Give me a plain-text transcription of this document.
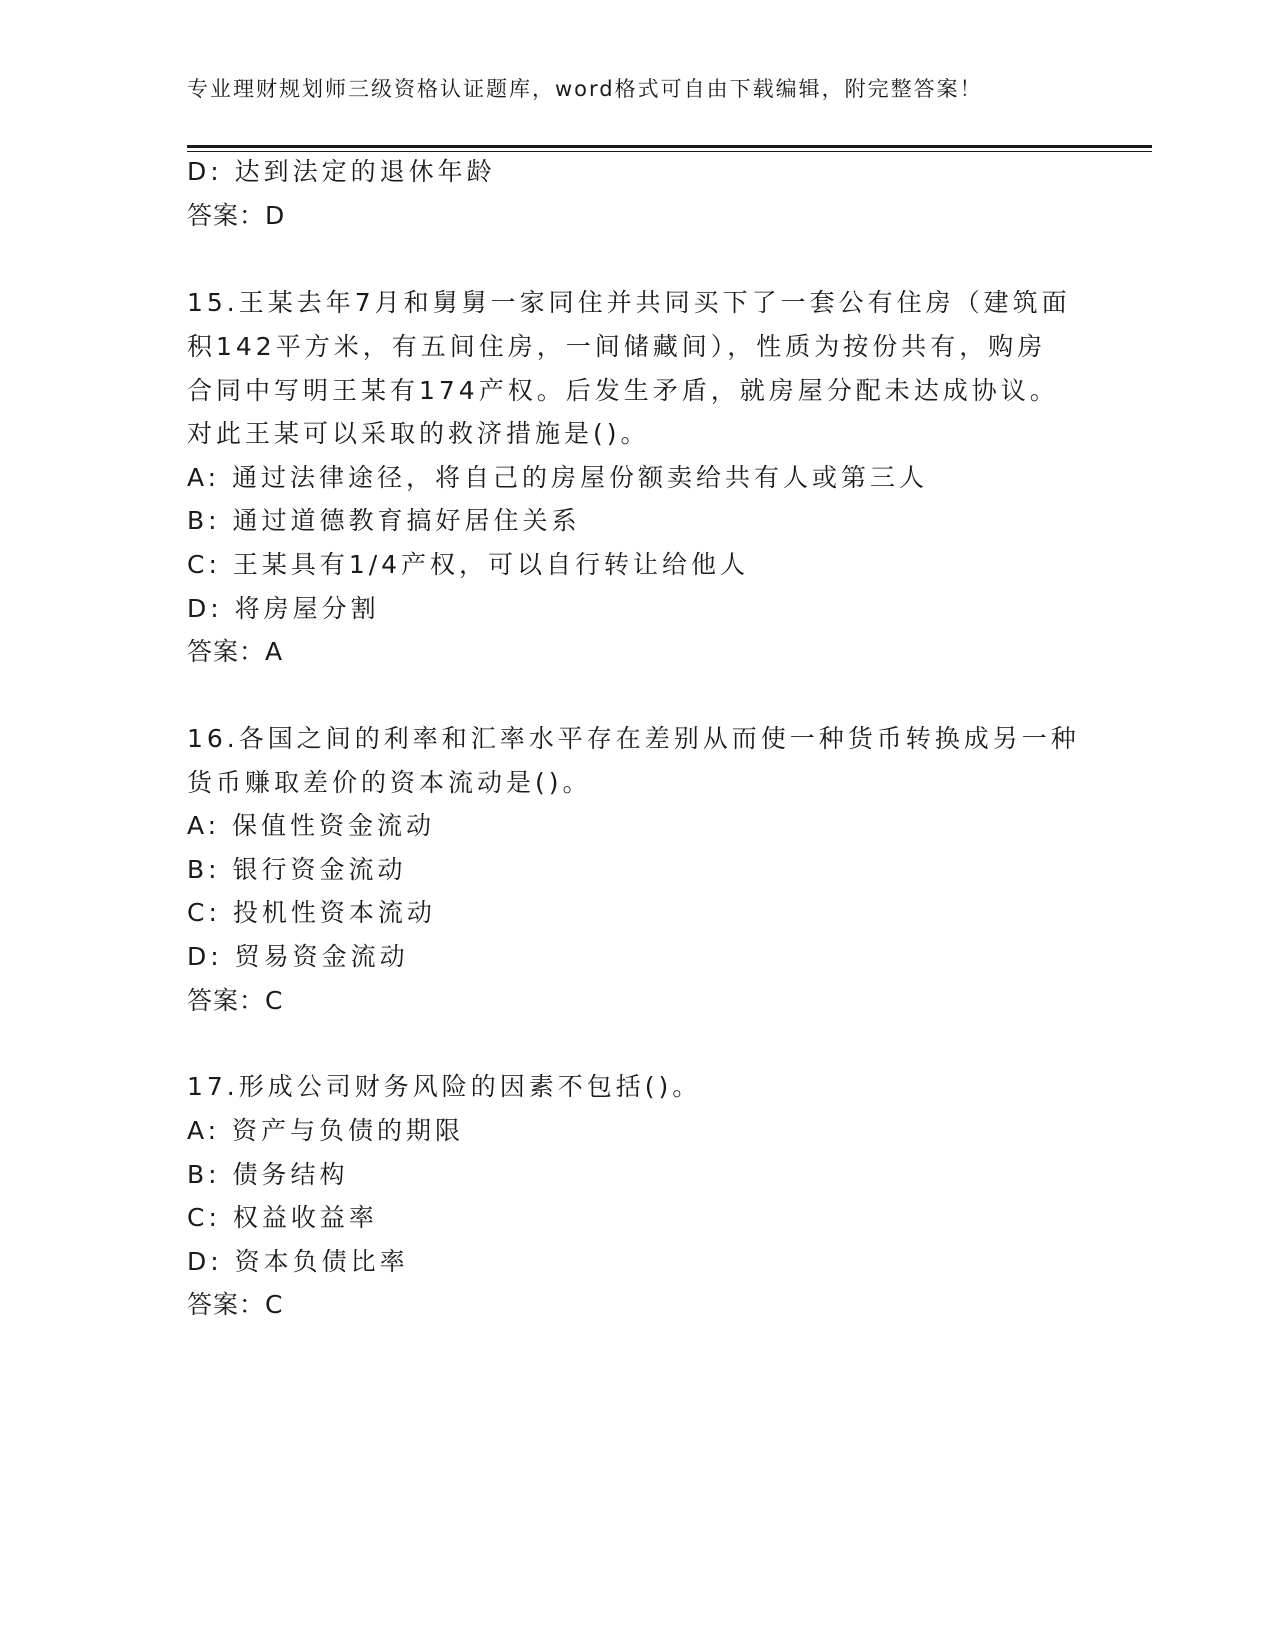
专业理财规划师三级资格认证题库，word格式可自由下载编辑，附完整答案！
D: 达到法定的退休年龄
答案：D
15.王某去年7月和舅舅一家同住并共同买下了一套公有住房（建筑面
积142平方米，有五间住房，一间储藏间），性质为按份共有，购房
合同中写明王某有174产权。后发生矛盾，就房屋分配未达成协议。
对此王某可以采取的救济措施是()。
A: 通过法律途径，将自己的房屋份额卖给共有人或第三人
B: 通过道德教育搞好居住关系
C: 王某具有1/4产权，可以自行转让给他人
D: 将房屋分割
答案：A
16.各国之间的利率和汇率水平存在差别从而使一种货币转换成另一种
货币赚取差价的资本流动是()。
A: 保值性资金流动
B: 银行资金流动
C: 投机性资本流动
D: 贸易资金流动
答案：C
17.形成公司财务风险的因素不包括()。
A: 资产与负债的期限
B: 债务结构
C: 权益收益率
D: 资本负债比率
答案：C
